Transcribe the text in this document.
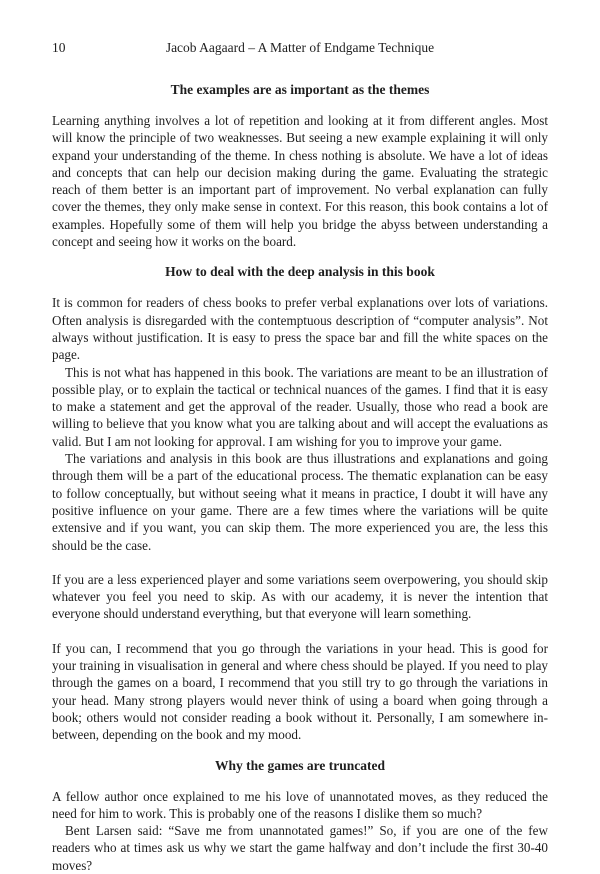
10	Jacob Aagaard – A Matter of Endgame Technique
The examples are as important as the themes

Learning anything involves a lot of repetition and looking at it from different angles. Most will know the principle of two weaknesses. But seeing a new example explaining it will only expand your understanding of the theme. In chess nothing is absolute. We have a lot of ideas and concepts that can help our decision making during the game. Evaluating the strategic reach of them better is an important part of improvement. No verbal explanation can fully cover the themes, they only make sense in context. For this reason, this book contains a lot of examples. Hopefully some of them will help you bridge the abyss between understanding a concept and seeing how it works on the board.

How to deal with the deep analysis in this book

It is common for readers of chess books to prefer verbal explanations over lots of variations. Often analysis is disregarded with the contemptuous description of “computer analysis”. Not always without justification. It is easy to press the space bar and fill the white spaces on the page.

This is not what has happened in this book. The variations are meant to be an illustration of possible play, or to explain the tactical or technical nuances of the games. I find that it is easy to make a statement and get the approval of the reader. Usually, those who read a book are willing to believe that you know what you are talking about and will accept the evaluations as valid. But I am not looking for approval. I am wishing for you to improve your game.

The variations and analysis in this book are thus illustrations and explanations and going through them will be a part of the educational process. The thematic explanation can be easy to follow conceptually, but without seeing what it means in practice, I doubt it will have any positive influence on your game. There are a few times where the variations will be quite extensive and if you want, you can skip them. The more experienced you are, the less this should be the case.

If you are a less experienced player and some variations seem overpowering, you should skip whatever you feel you need to skip. As with our academy, it is never the intention that everyone should understand everything, but that everyone will learn something.

If you can, I recommend that you go through the variations in your head. This is good for your training in visualisation in general and where chess should be played. If you need to play through the games on a board, I recommend that you still try to go through the variations in your head. Many strong players would never think of using a board when going through a book; others would not consider reading a book without it. Personally, I am somewhere in-between, depending on the book and my mood.

Why the games are truncated

A fellow author once explained to me his love of unannotated moves, as they reduced the need for him to work. This is probably one of the reasons I dislike them so much?

Bent Larsen said: “Save me from unannotated games!” So, if you are one of the few readers who at times ask us why we start the game halfway and don’t include the first 30-40 moves?
